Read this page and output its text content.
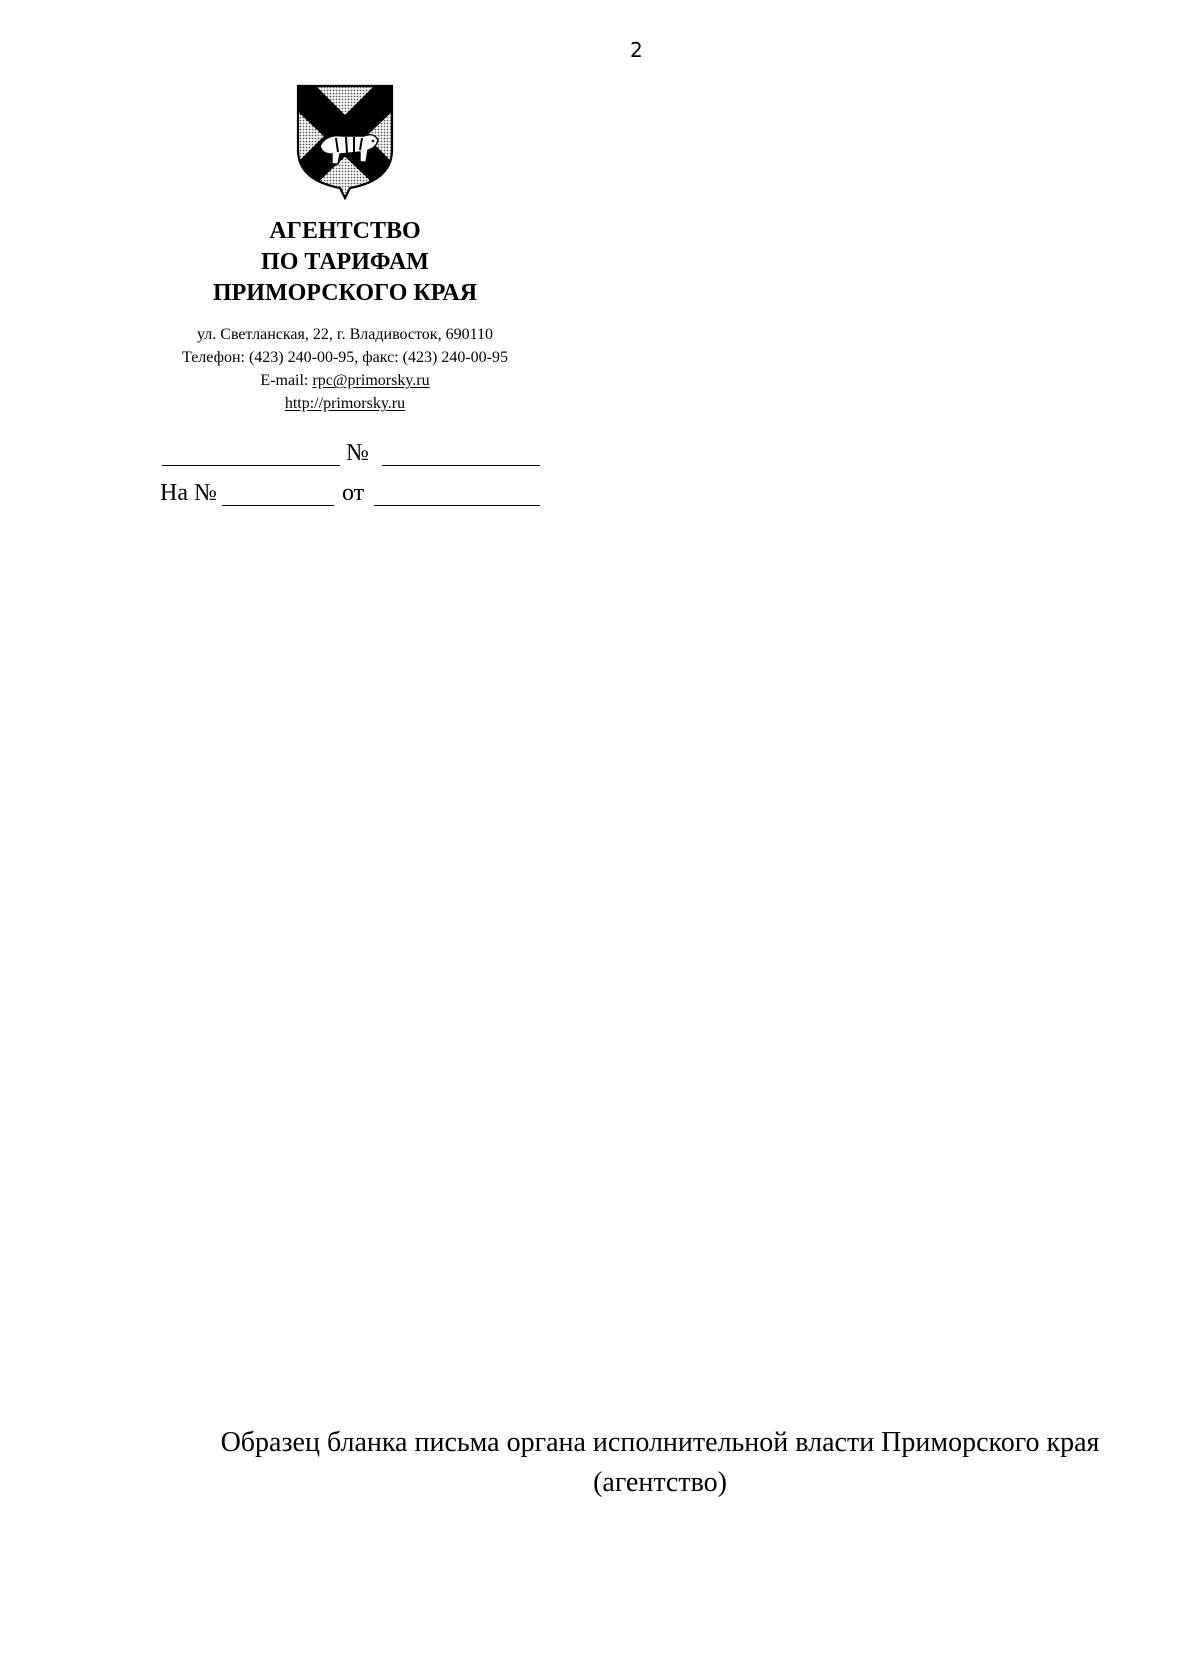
2
АГЕНТСТВО
ПО ТАРИФАМ
ПРИМОРСКОГО КРАЯ
ул. Светланская, 22, г. Владивосток, 690110
Телефон: (423) 240-00-95, факс: (423) 240-00-95
E-mail: rpc@primorsky.ru
http://primorsky.ru
№
На №	от
Образец бланка письма органа исполнительной власти Приморского края
(агентство)
